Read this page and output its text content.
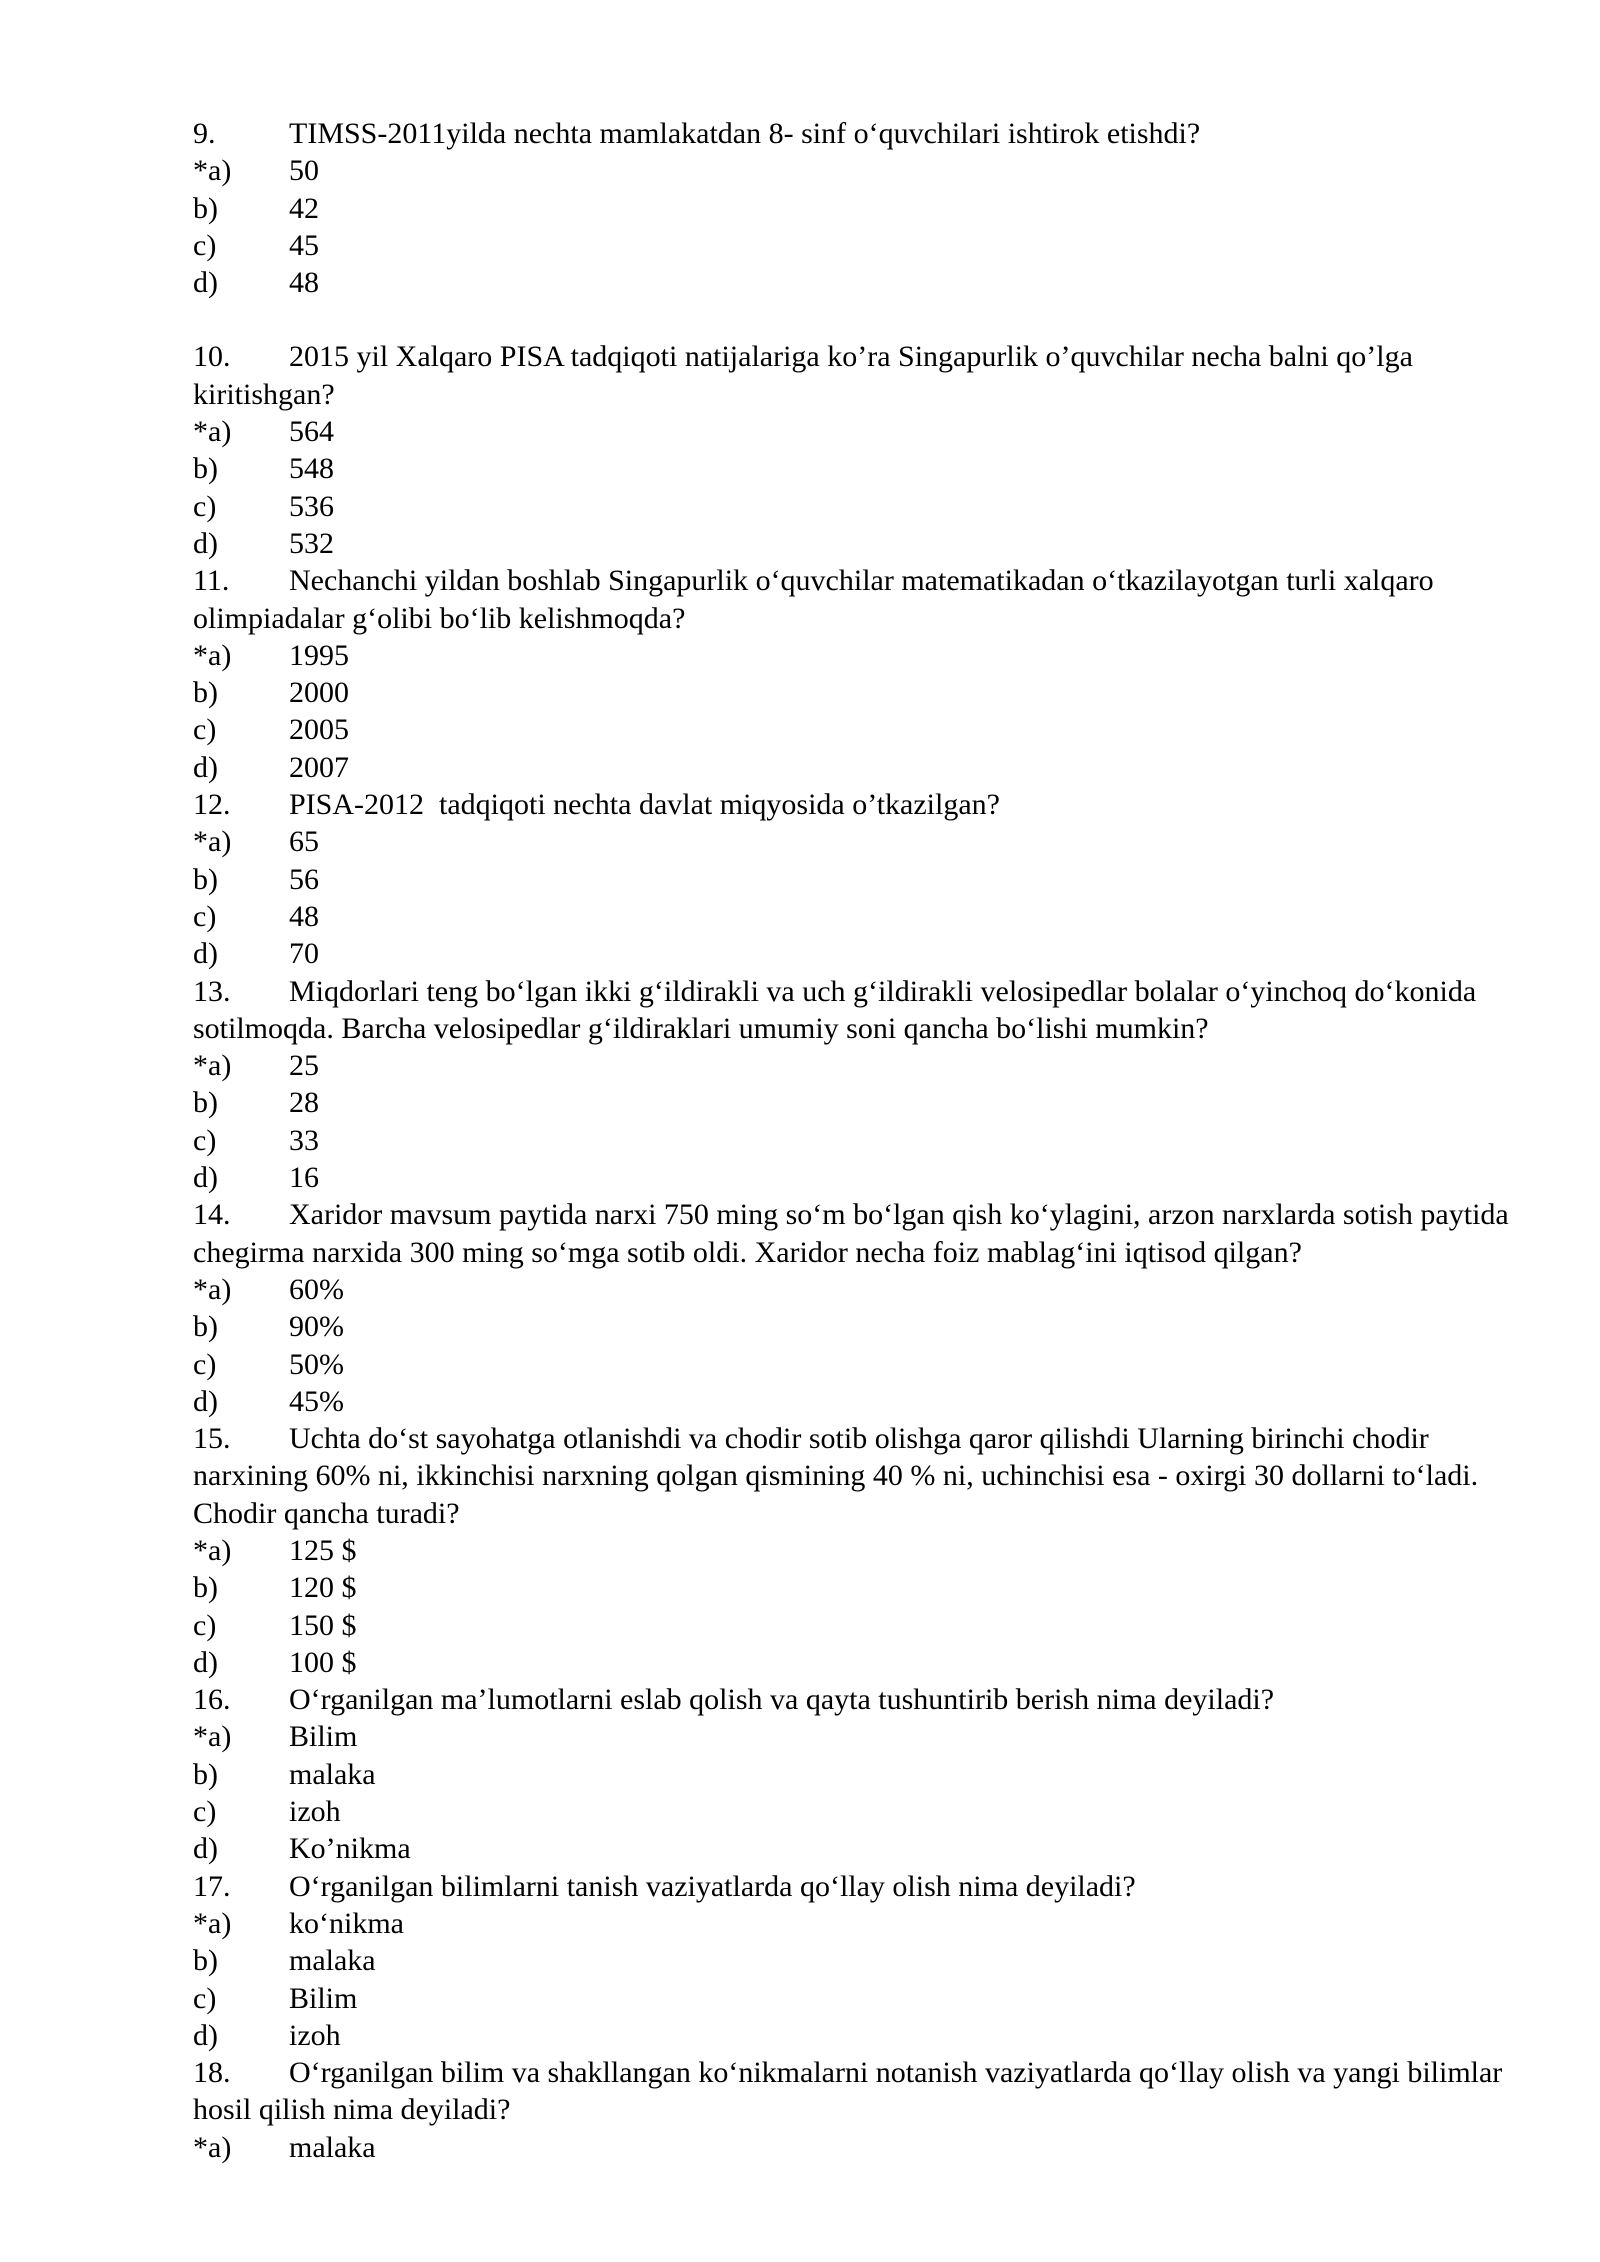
9. TIMSS-2011yilda nechta mamlakatdan 8- sinf o‘quvchilari ishtirok etishdi?
*a) 50
b) 42
c) 45
d) 48
10. 2015 yil Xalqaro PISA tadqiqoti natijalariga ko’ra Singapurlik o’quvchilar necha balni qo’lga kiritishgan?
*a) 564
b) 548
c) 536
d) 532
11. Nechanchi yildan boshlab Singapurlik o‘quvchilar matematikadan o‘tkazilayotgan turli xalqaro olimpiadalar g‘olibi bo‘lib kelishmoqda?
*a) 1995
b) 2000
c) 2005
d) 2007
12. PISA-2012  tadqiqoti nechta davlat miqyosida o’tkazilgan?
*a) 65
b) 56
c) 48
d) 70
13. Miqdorlari teng bo‘lgan ikki g‘ildirakli va uch g‘ildirakli velosipedlar bolalar o‘yinchoq do‘konida sotilmoqda. Barcha velosipedlar g‘ildiraklari umumiy soni qancha bo‘lishi mumkin?
*a) 25
b) 28
c) 33
d) 16
14. Xaridor mavsum paytida narxi 750 ming so‘m bo‘lgan qish ko‘ylagini, arzon narxlarda sotish paytida chegirma narxida 300 ming so‘mga sotib oldi. Xaridor necha foiz mablag‘ini iqtisod qilgan?
*a) 60%
b) 90%
c) 50%
d) 45%
15. Uchta do‘st sayohatga otlanishdi va chodir sotib olishga qaror qilishdi Ularning birinchi chodir narxining 60% ni, ikkinchisi narxning qolgan qismining 40 % ni, uchinchisi esa - oxirgi 30 dollarni to‘ladi. Chodir qancha turadi?
*a) 125 $
b) 120 $
c) 150 $
d) 100 $
16. O‘rganilgan ma’lumotlarni eslab qolish va qayta tushuntirib berish nima deyiladi?
*a) Bilim
b) malaka
c) izoh
d) Ko’nikma
17. O‘rganilgan bilimlarni tanish vaziyatlarda qo‘llay olish nima deyiladi?
*a) ko‘nikma
b) malaka
c) Bilim
d) izoh
18. O‘rganilgan bilim va shakllangan ko‘nikmalarni notanish vaziyatlarda qo‘llay olish va yangi bilimlar hosil qilish nima deyiladi?
*a) malaka
